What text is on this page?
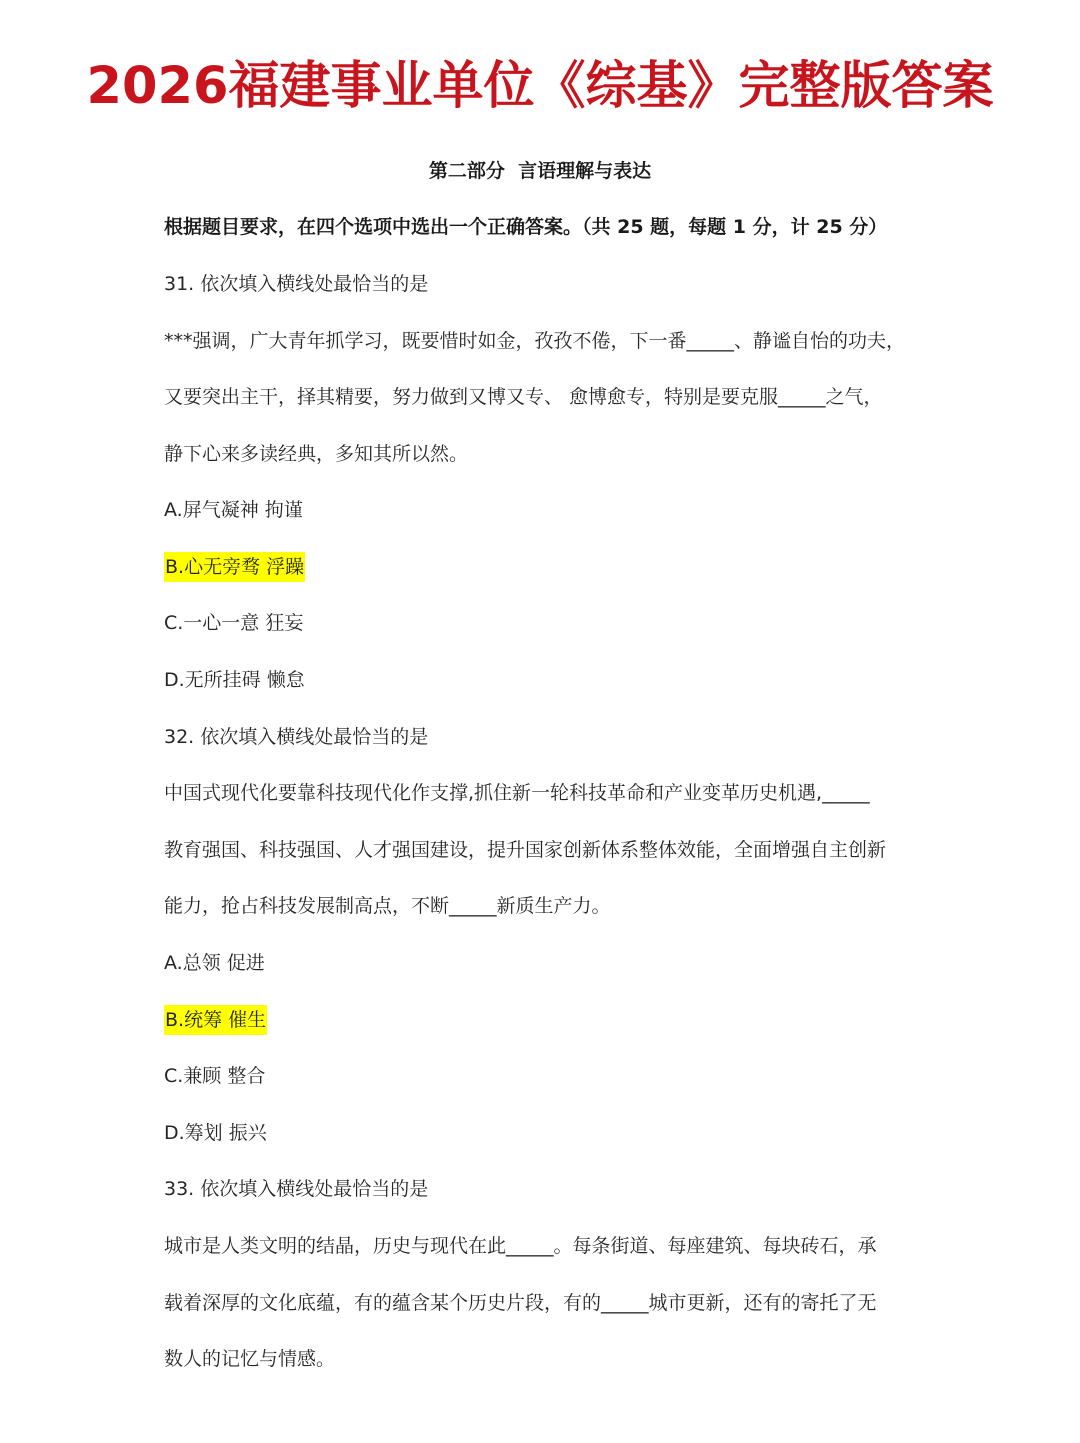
2026福建事业单位《综基》完整版答案
第二部分  言语理解与表达
根据题目要求，在四个选项中选出一个正确答案。（共 25 题，每题 1 分，计 25 分）
31. 依次填入横线处最恰当的是
***强调，广大青年抓学习，既要惜时如金，孜孜不倦，下一番_____、静谧自怡的功夫，
又要突出主干，择其精要，努力做到又博又专、 愈博愈专，特别是要克服_____之气，
静下心来多读经典，多知其所以然。
A.屏气凝神 拘谨
B.心无旁骛 浮躁
C.一心一意 狂妄
D.无所挂碍 懒怠
32. 依次填入横线处最恰当的是
中国式现代化要靠科技现代化作支撑,抓住新一轮科技革命和产业变革历史机遇,_____
教育强国、科技强国、人才强国建设，提升国家创新体系整体效能，全面增强自主创新
能力，抢占科技发展制高点，不断_____新质生产力。
A.总领 促进
B.统筹 催生
C.兼顾 整合
D.筹划 振兴
33. 依次填入横线处最恰当的是
城市是人类文明的结晶，历史与现代在此_____。每条街道、每座建筑、每块砖石，承
载着深厚的文化底蕴，有的蕴含某个历史片段，有的_____城市更新，还有的寄托了无
数人的记忆与情感。
